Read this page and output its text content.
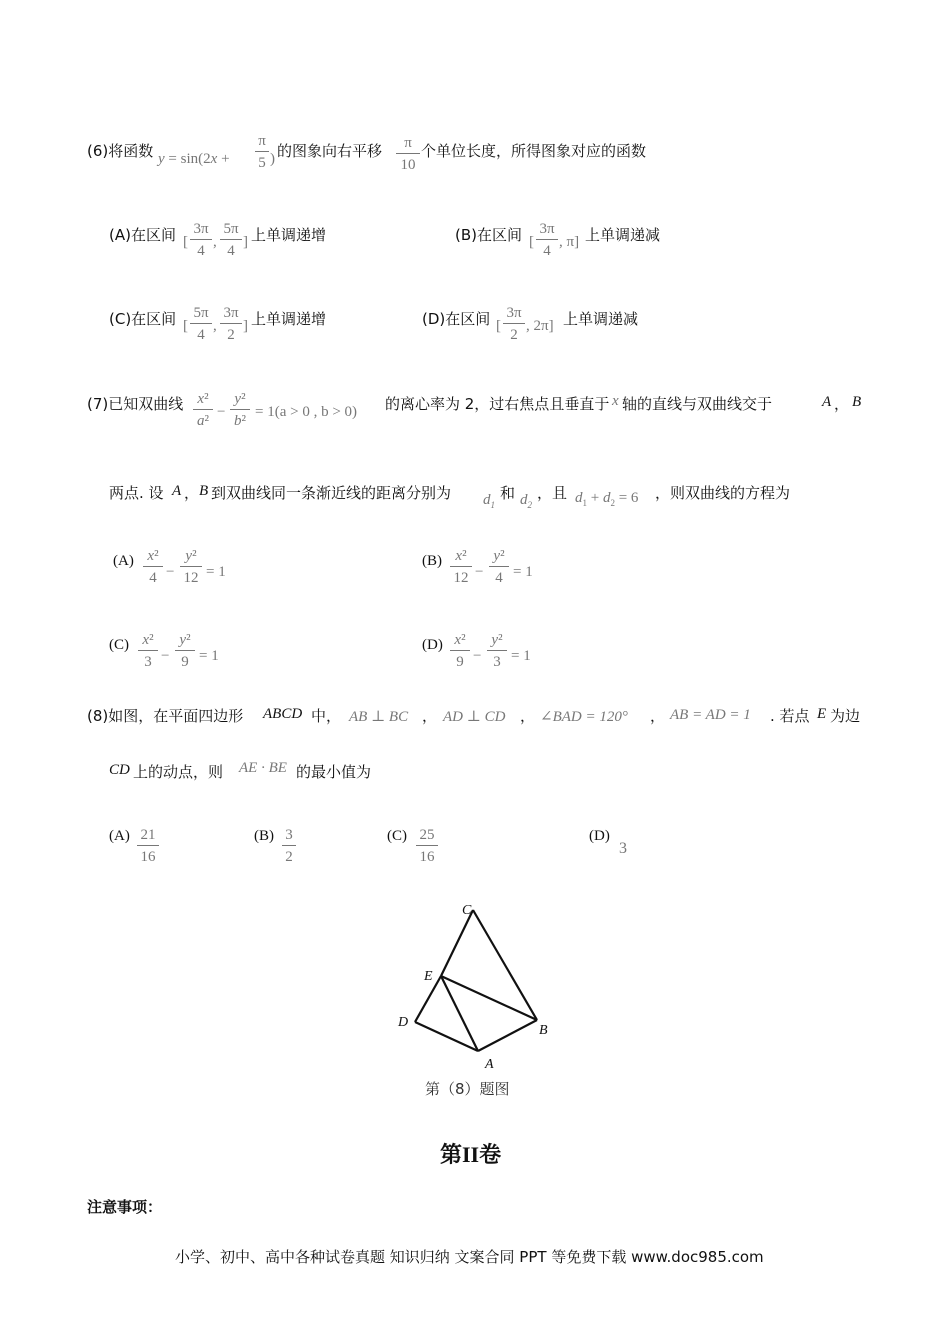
(6)将函数 y = sin(2x +
π
5 ) 的图象向右平移	π
10
个单位长度，所得图象对应的函数
(A)在区间 [
3π
4
,
5π
4
] 上单调递增	(B)在区间 [
3π
4
, π] 上单调递减
(C)在区间 [
5π
4
,
3π
2
] 上单调递增	(D)在区间 [
3π
2
, 2π] 上单调递减
(7)已知双曲线 x²
a²
−
y²
b²
= 1(a > 0 , b > 0) 的离心率为 2，过右焦点且垂直于 x 轴的直线与双曲线交于	A ， B
两点. 设 A ， B 到双曲线同一条渐近线的距离分别为 $d_1$
和 $d_2$
，且 $d_1 + d_2 = 6$ ，则双曲线的方程为
(A) x²
4 −
y²
12 = 1
(B) x²
12 −
y²
4 = 1
(C) x²
3 −
y²
9 = 1
(D) x²
9 −
y²
3 = 1
(8)如图，在平面四边形 ABCD 中， AB ⊥ BC ， AD ⊥ CD ， ∠BAD = 120° ， AB = AD = 1 . 若点 E 为边
CD 上的动点，则 AE · BE 的最小值为
(A) 21
16
(B) 3
2
(C) 25
16
(D)
3
C
E
D
A
B
第（8）题图
第II卷
注意事项：
小学、初中、高中各种试卷真题 知识归纳 文案合同 PPT 等免费下载 www.doc985.com
